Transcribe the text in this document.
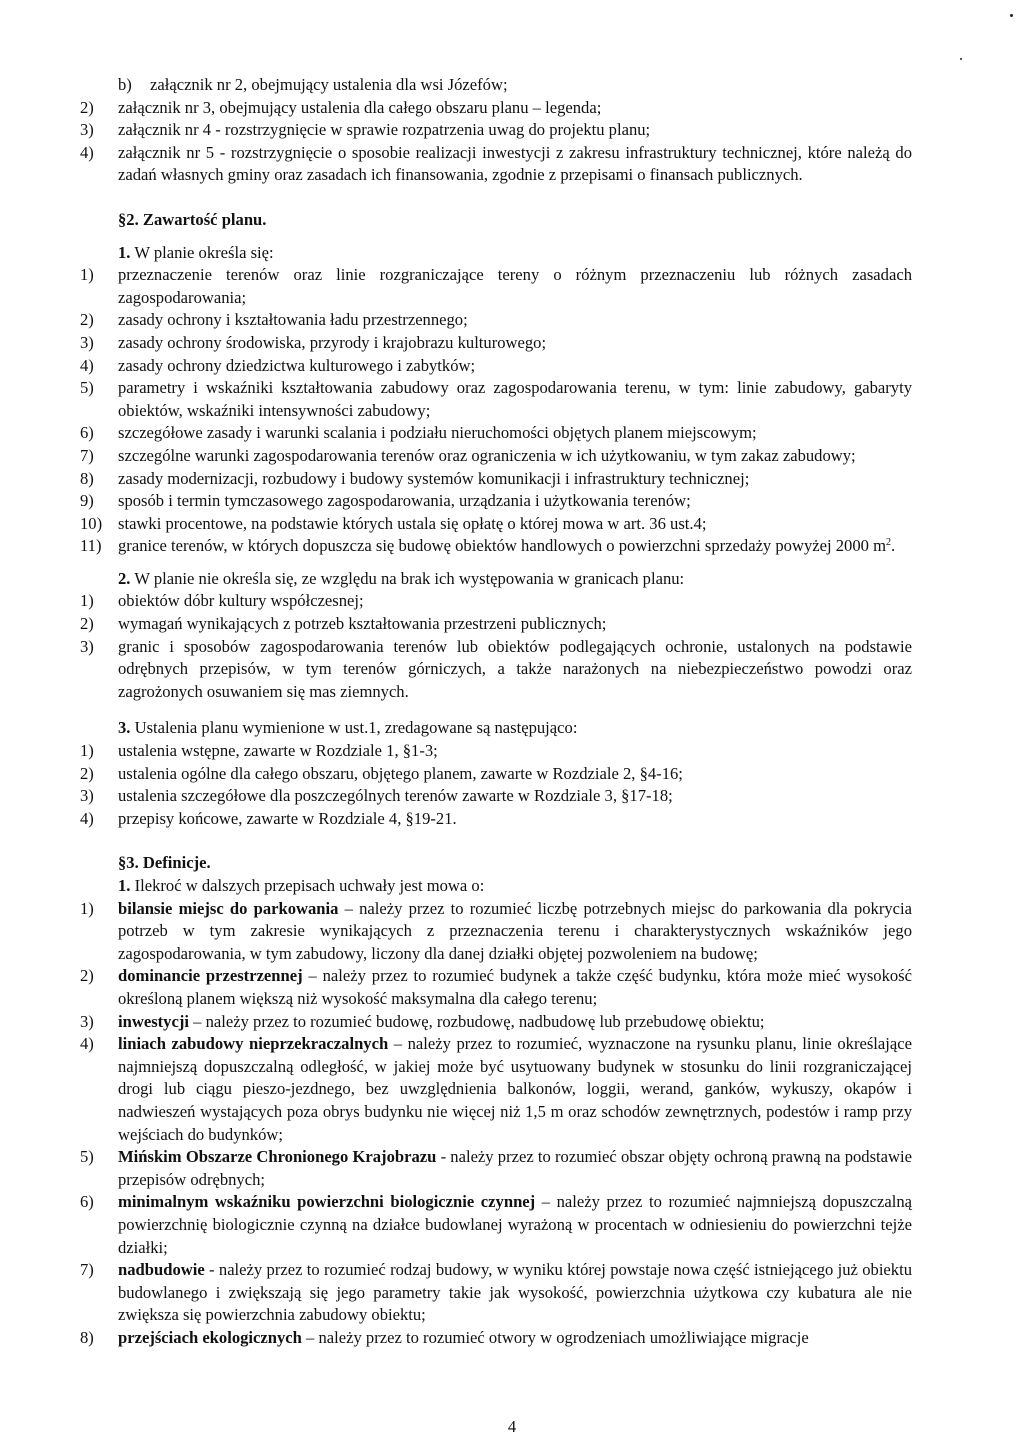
b)	załącznik nr 2, obejmujący ustalenia dla wsi Józefów;
2)	załącznik nr 3, obejmujący ustalenia dla całego obszaru planu – legenda;
3)	załącznik nr 4 - rozstrzygnięcie w sprawie rozpatrzenia uwag do projektu planu;
4)	załącznik nr 5 - rozstrzygnięcie o sposobie realizacji inwestycji z zakresu infrastruktury technicznej, które należą do zadań własnych gminy oraz zasadach ich finansowania, zgodnie z przepisami o finansach publicznych.

§2. Zawartość planu.

1. W planie określa się:

1)	przeznaczenie terenów oraz linie rozgraniczające tereny o różnym przeznaczeniu lub różnych zasadach zagospodarowania;
2)	zasady ochrony i kształtowania ładu przestrzennego;
3)	zasady ochrony środowiska, przyrody i krajobrazu kulturowego;
4)	zasady ochrony dziedzictwa kulturowego i zabytków;
5)	parametry i wskaźniki kształtowania zabudowy oraz zagospodarowania terenu, w tym: linie zabudowy, gabaryty obiektów, wskaźniki intensywności zabudowy;
6)	szczegółowe zasady i warunki scalania i podziału nieruchomości objętych planem miejscowym;
7)	szczególne warunki zagospodarowania terenów oraz ograniczenia w ich użytkowaniu, w tym zakaz zabudowy;
8)	zasady modernizacji, rozbudowy i budowy systemów komunikacji i infrastruktury technicznej;
9)	sposób i termin tymczasowego zagospodarowania, urządzania i użytkowania terenów;
10) stawki procentowe, na podstawie których ustala się opłatę o której mowa w art. 36 ust.4;
11) granice terenów, w których dopuszcza się budowę obiektów handlowych o powierzchni sprzedaży powyżej 2000 $m^2$.

2. W planie nie określa się, ze względu na brak ich występowania w granicach planu:

1)	obiektów dóbr kultury współczesnej;
2)	wymagań wynikających z potrzeb kształtowania przestrzeni publicznych;
3)	granic i sposobów zagospodarowania terenów lub obiektów podlegających ochronie, ustalonych na podstawie odrębnych przepisów, w tym terenów górniczych, a także narażonych na niebezpieczeństwo powodzi oraz zagrożonych osuwaniem się mas ziemnych.

3. Ustalenia planu wymienione w ust.1, zredagowane są następująco:

1)	ustalenia wstępne, zawarte w Rozdziale 1, §1-3;
2)	ustalenia ogólne dla całego obszaru, objętego planem, zawarte w Rozdziale 2, §4-16;
3)	ustalenia szczegółowe dla poszczególnych terenów zawarte w Rozdziale 3, §17-18;
4)	przepisy końcowe, zawarte w Rozdziale 4, §19-21.

§3. Definicje.

1. Ilekroć w dalszych przepisach uchwały jest mowa o:

1)	bilansie miejsc do parkowania – należy przez to rozumieć liczbę potrzebnych miejsc do parkowania dla pokrycia potrzeb w tym zakresie wynikających z przeznaczenia terenu i charakterystycznych wskaźników jego zagospodarowania, w tym zabudowy, liczony dla danej działki objętej pozwoleniem na budowę;
2)	dominancie przestrzennej – należy przez to rozumieć budynek a także część budynku, która może mieć wysokość określoną planem większą niż wysokość maksymalna dla całego terenu;
3)	inwestycji – należy przez to rozumieć budowę, rozbudowę, nadbudowę lub przebudowę obiektu;
4)	liniach zabudowy nieprzekraczalnych – należy przez to rozumieć, wyznaczone na rysunku planu, linie określające najmniejszą dopuszczalną odległość, w jakiej może być usytuowany budynek w stosunku do linii rozgraniczającej drogi lub ciągu pieszo-jezdnego, bez uwzględnienia balkonów, loggii, werand, ganków, wykuszy, okapów i nadwieszeń wystających poza obrys budynku nie więcej niż 1,5 m oraz schodów zewnętrznych, podestów i ramp przy wejściach do budynków;
5)	Mińskim Obszarze Chronionego Krajobrazu - należy przez to rozumieć obszar objęty ochroną prawną na podstawie przepisów odrębnych;
6)	minimalnym wskaźniku powierzchni biologicznie czynnej – należy przez to rozumieć najmniejszą dopuszczalną powierzchnię biologicznie czynną na działce budowlanej wyrażoną w procentach w odniesieniu do powierzchni tejże działki;
7)	nadbudowie - należy przez to rozumieć rodzaj budowy, w wyniku której powstaje nowa część istniejącego już obiektu budowlanego i zwiększają się jego parametry takie jak wysokość, powierzchnia użytkowa czy kubatura ale nie zwiększa się powierzchnia zabudowy obiektu;
8)	przejściach ekologicznych – należy przez to rozumieć otwory w ogrodzeniach umożliwiające migracje
4
